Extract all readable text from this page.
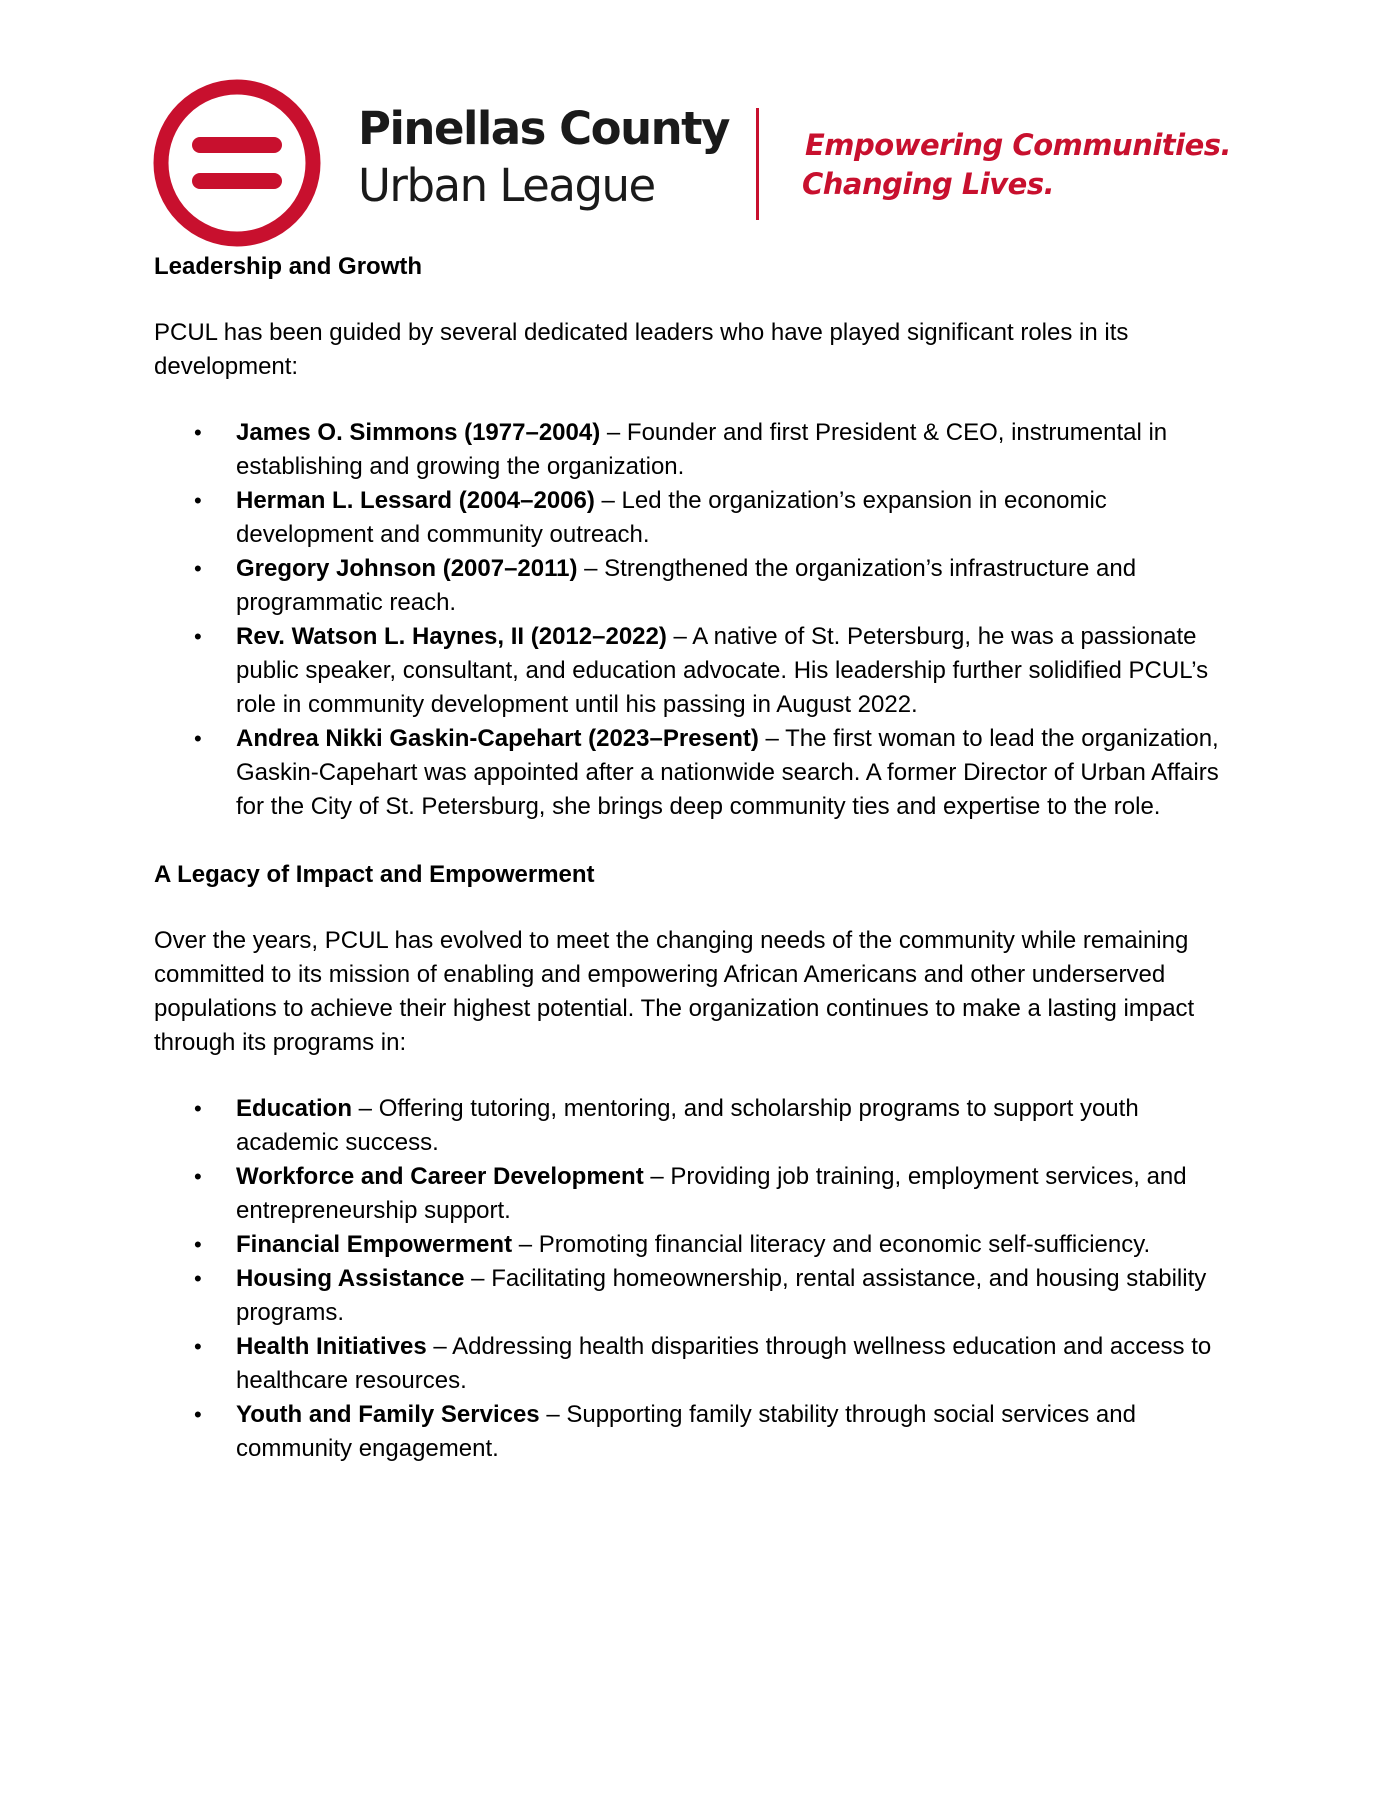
Pinellas County
Urban League
Empowering Communities.
Changing Lives.
Leadership and Growth

PCUL has been guided by several dedicated leaders who have played significant roles in its development:

• James O. Simmons (1977–2004) – Founder and first President & CEO, instrumental in establishing and growing the organization.
• Herman L. Lessard (2004–2006) – Led the organization’s expansion in economic development and community outreach.
• Gregory Johnson (2007–2011) – Strengthened the organization’s infrastructure and programmatic reach.
• Rev. Watson L. Haynes, II (2012–2022) – A native of St. Petersburg, he was a passionate public speaker, consultant, and education advocate. His leadership further solidified PCUL’s role in community development until his passing in August 2022.
• Andrea Nikki Gaskin-Capehart (2023–Present) – The first woman to lead the organization, Gaskin-Capehart was appointed after a nationwide search. A former Director of Urban Affairs for the City of St. Petersburg, she brings deep community ties and expertise to the role.
A Legacy of Impact and Empowerment

Over the years, PCUL has evolved to meet the changing needs of the community while remaining committed to its mission of enabling and empowering African Americans and other underserved populations to achieve their highest potential. The organization continues to make a lasting impact through its programs in:

• Education – Offering tutoring, mentoring, and scholarship programs to support youth academic success.
• Workforce and Career Development – Providing job training, employment services, and entrepreneurship support.
• Financial Empowerment – Promoting financial literacy and economic self-sufficiency.
• Housing Assistance – Facilitating homeownership, rental assistance, and housing stability programs.
• Health Initiatives – Addressing health disparities through wellness education and access to healthcare resources.
• Youth and Family Services – Supporting family stability through social services and community engagement.
